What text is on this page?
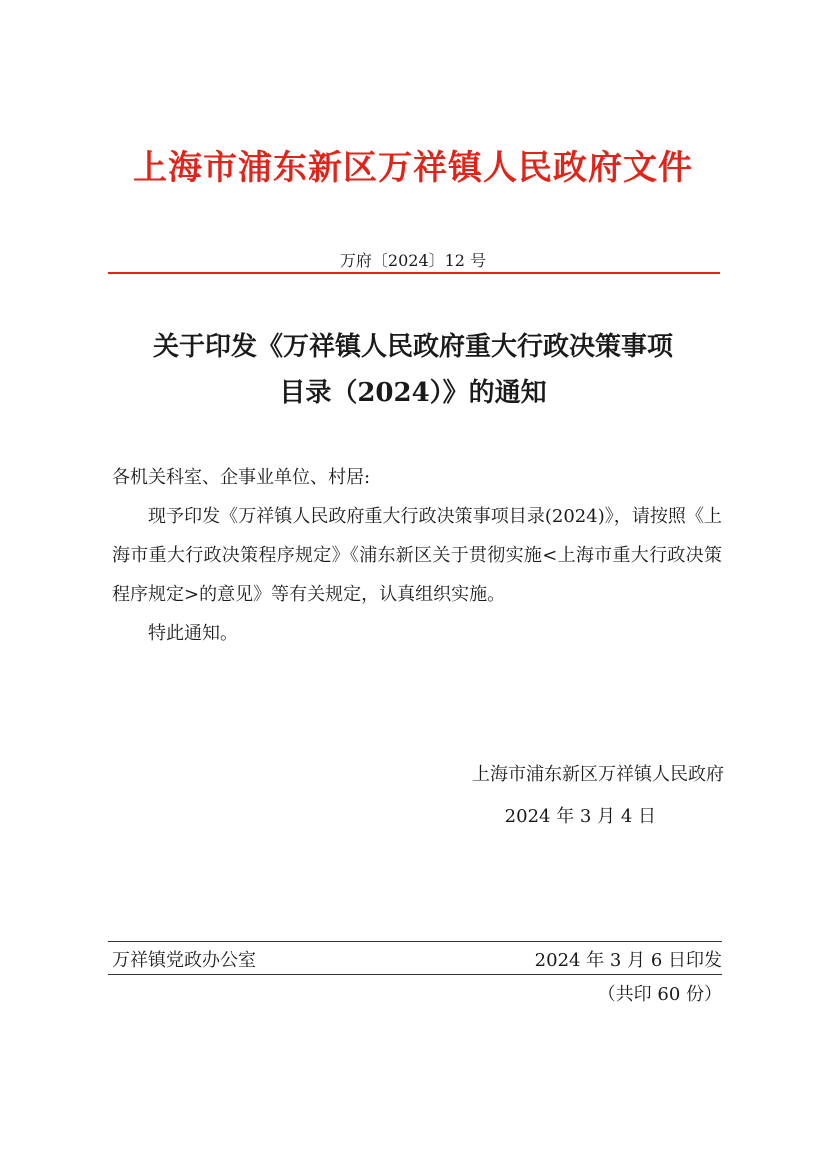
上海市浦东新区万祥镇人民政府文件
万府〔2024〕12 号
关于印发《万祥镇人民政府重大行政决策事项
目录（2024）》的通知

各机关科室、企事业单位、村居:

现予印发《万祥镇人民政府重大行政决策事项目录(2024)》，请按照《上海市重大行政决策程序规定》《浦东新区关于贯彻实施<上海市重大行政决策程序规定>的意见》等有关规定，认真组织实施。

特此通知。

上海市浦东新区万祥镇人民政府
2024 年 3 月 4 日
万祥镇党政办公室	2024 年 3 月 6 日印发
（共印 60 份）
